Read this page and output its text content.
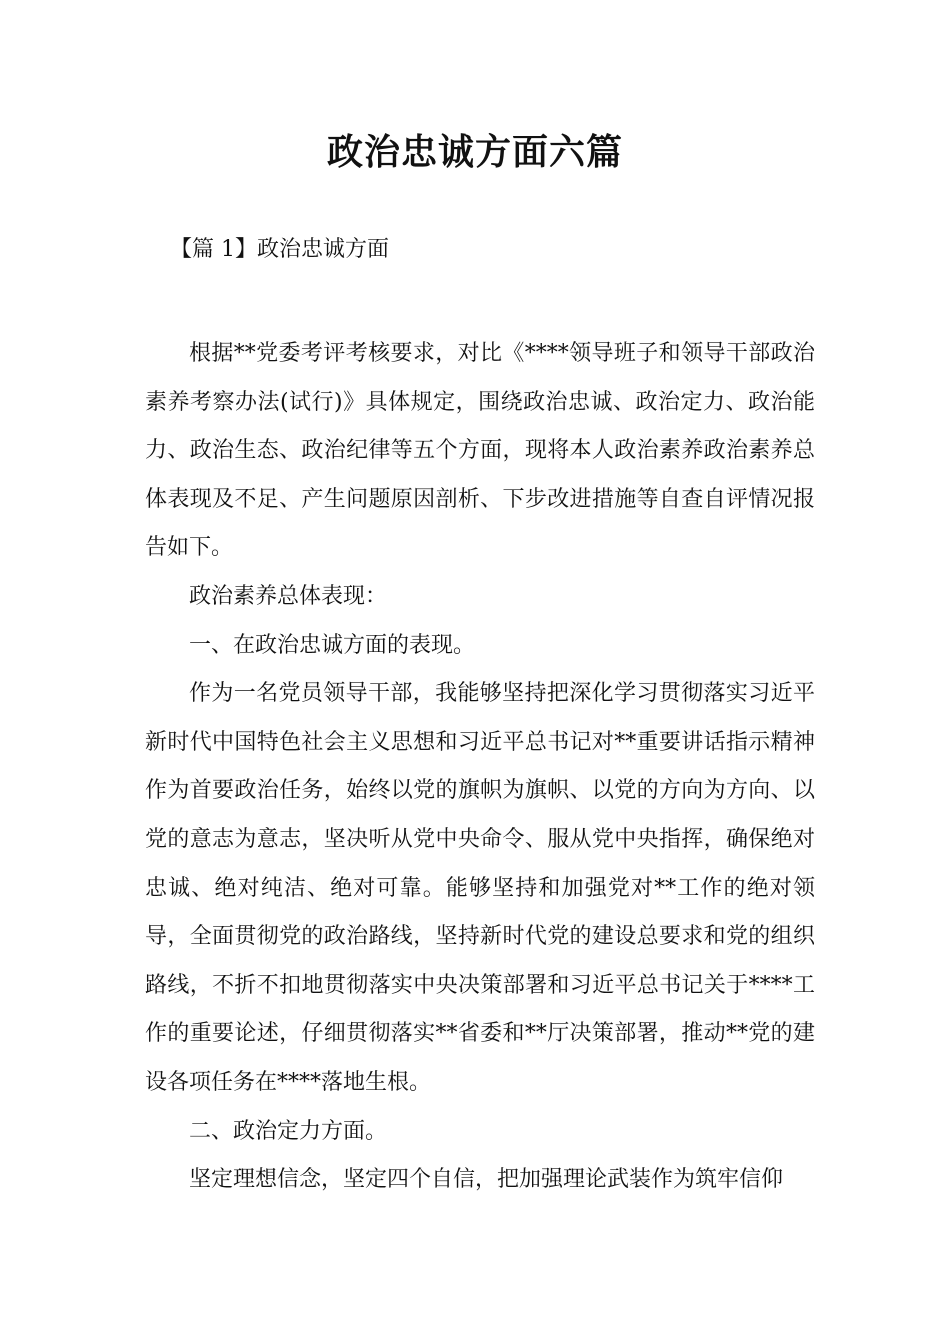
政治忠诚方面六篇

【篇 1】政治忠诚方面

根据**党委考评考核要求，对比《****领导班子和领导干部政治素养考察办法(试行)》具体规定，围绕政治忠诚、政治定力、政治能力、政治生态、政治纪律等五个方面，现将本人政治素养政治素养总体表现及不足、产生问题原因剖析、下步改进措施等自查自评情况报告如下。

政治素养总体表现：

一、在政治忠诚方面的表现。

作为一名党员领导干部，我能够坚持把深化学习贯彻落实习近平新时代中国特色社会主义思想和习近平总书记对**重要讲话指示精神作为首要政治任务，始终以党的旗帜为旗帜、以党的方向为方向、以党的意志为意志，坚决听从党中央命令、服从党中央指挥，确保绝对忠诚、绝对纯洁、绝对可靠。能够坚持和加强党对**工作的绝对领导，全面贯彻党的政治路线，坚持新时代党的建设总要求和党的组织路线，不折不扣地贯彻落实中央决策部署和习近平总书记关于****工作的重要论述，仔细贯彻落实**省委和**厅决策部署，推动**党的建设各项任务在****落地生根。

二、政治定力方面。

坚定理想信念，坚定四个自信，把加强理论武装作为筑牢信仰
